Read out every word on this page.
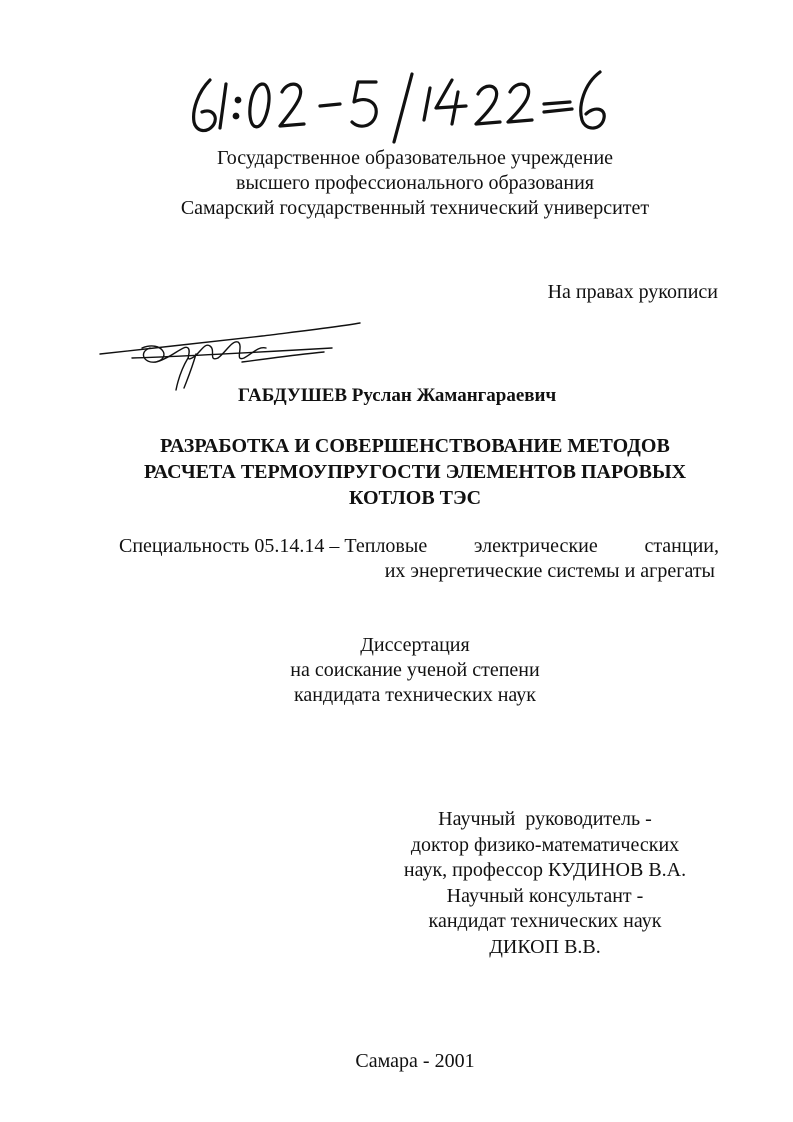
Государственное образовательное учреждение
высшего профессионального образования
Самарский государственный технический университет
На правах рукописи
ГАБДУШЕВ Руслан Жамангараевич
РАЗРАБОТКА И СОВЕРШЕНСТВОВАНИЕ МЕТОДОВ
РАСЧЕТА ТЕРМОУПРУГОСТИ ЭЛЕМЕНТОВ ПАРОВЫХ
КОТЛОВ ТЭС
Специальность 05.14.14 – Тепловые электрические станции,
их энергетические системы и агрегаты
Диссертация
на соискание ученой степени
кандидата технических наук
Научный  руководитель -
доктор физико-математических
наук, профессор КУДИНОВ В.А.
Научный консультант -
кандидат технических наук
ДИКОП В.В.
Самара - 2001
